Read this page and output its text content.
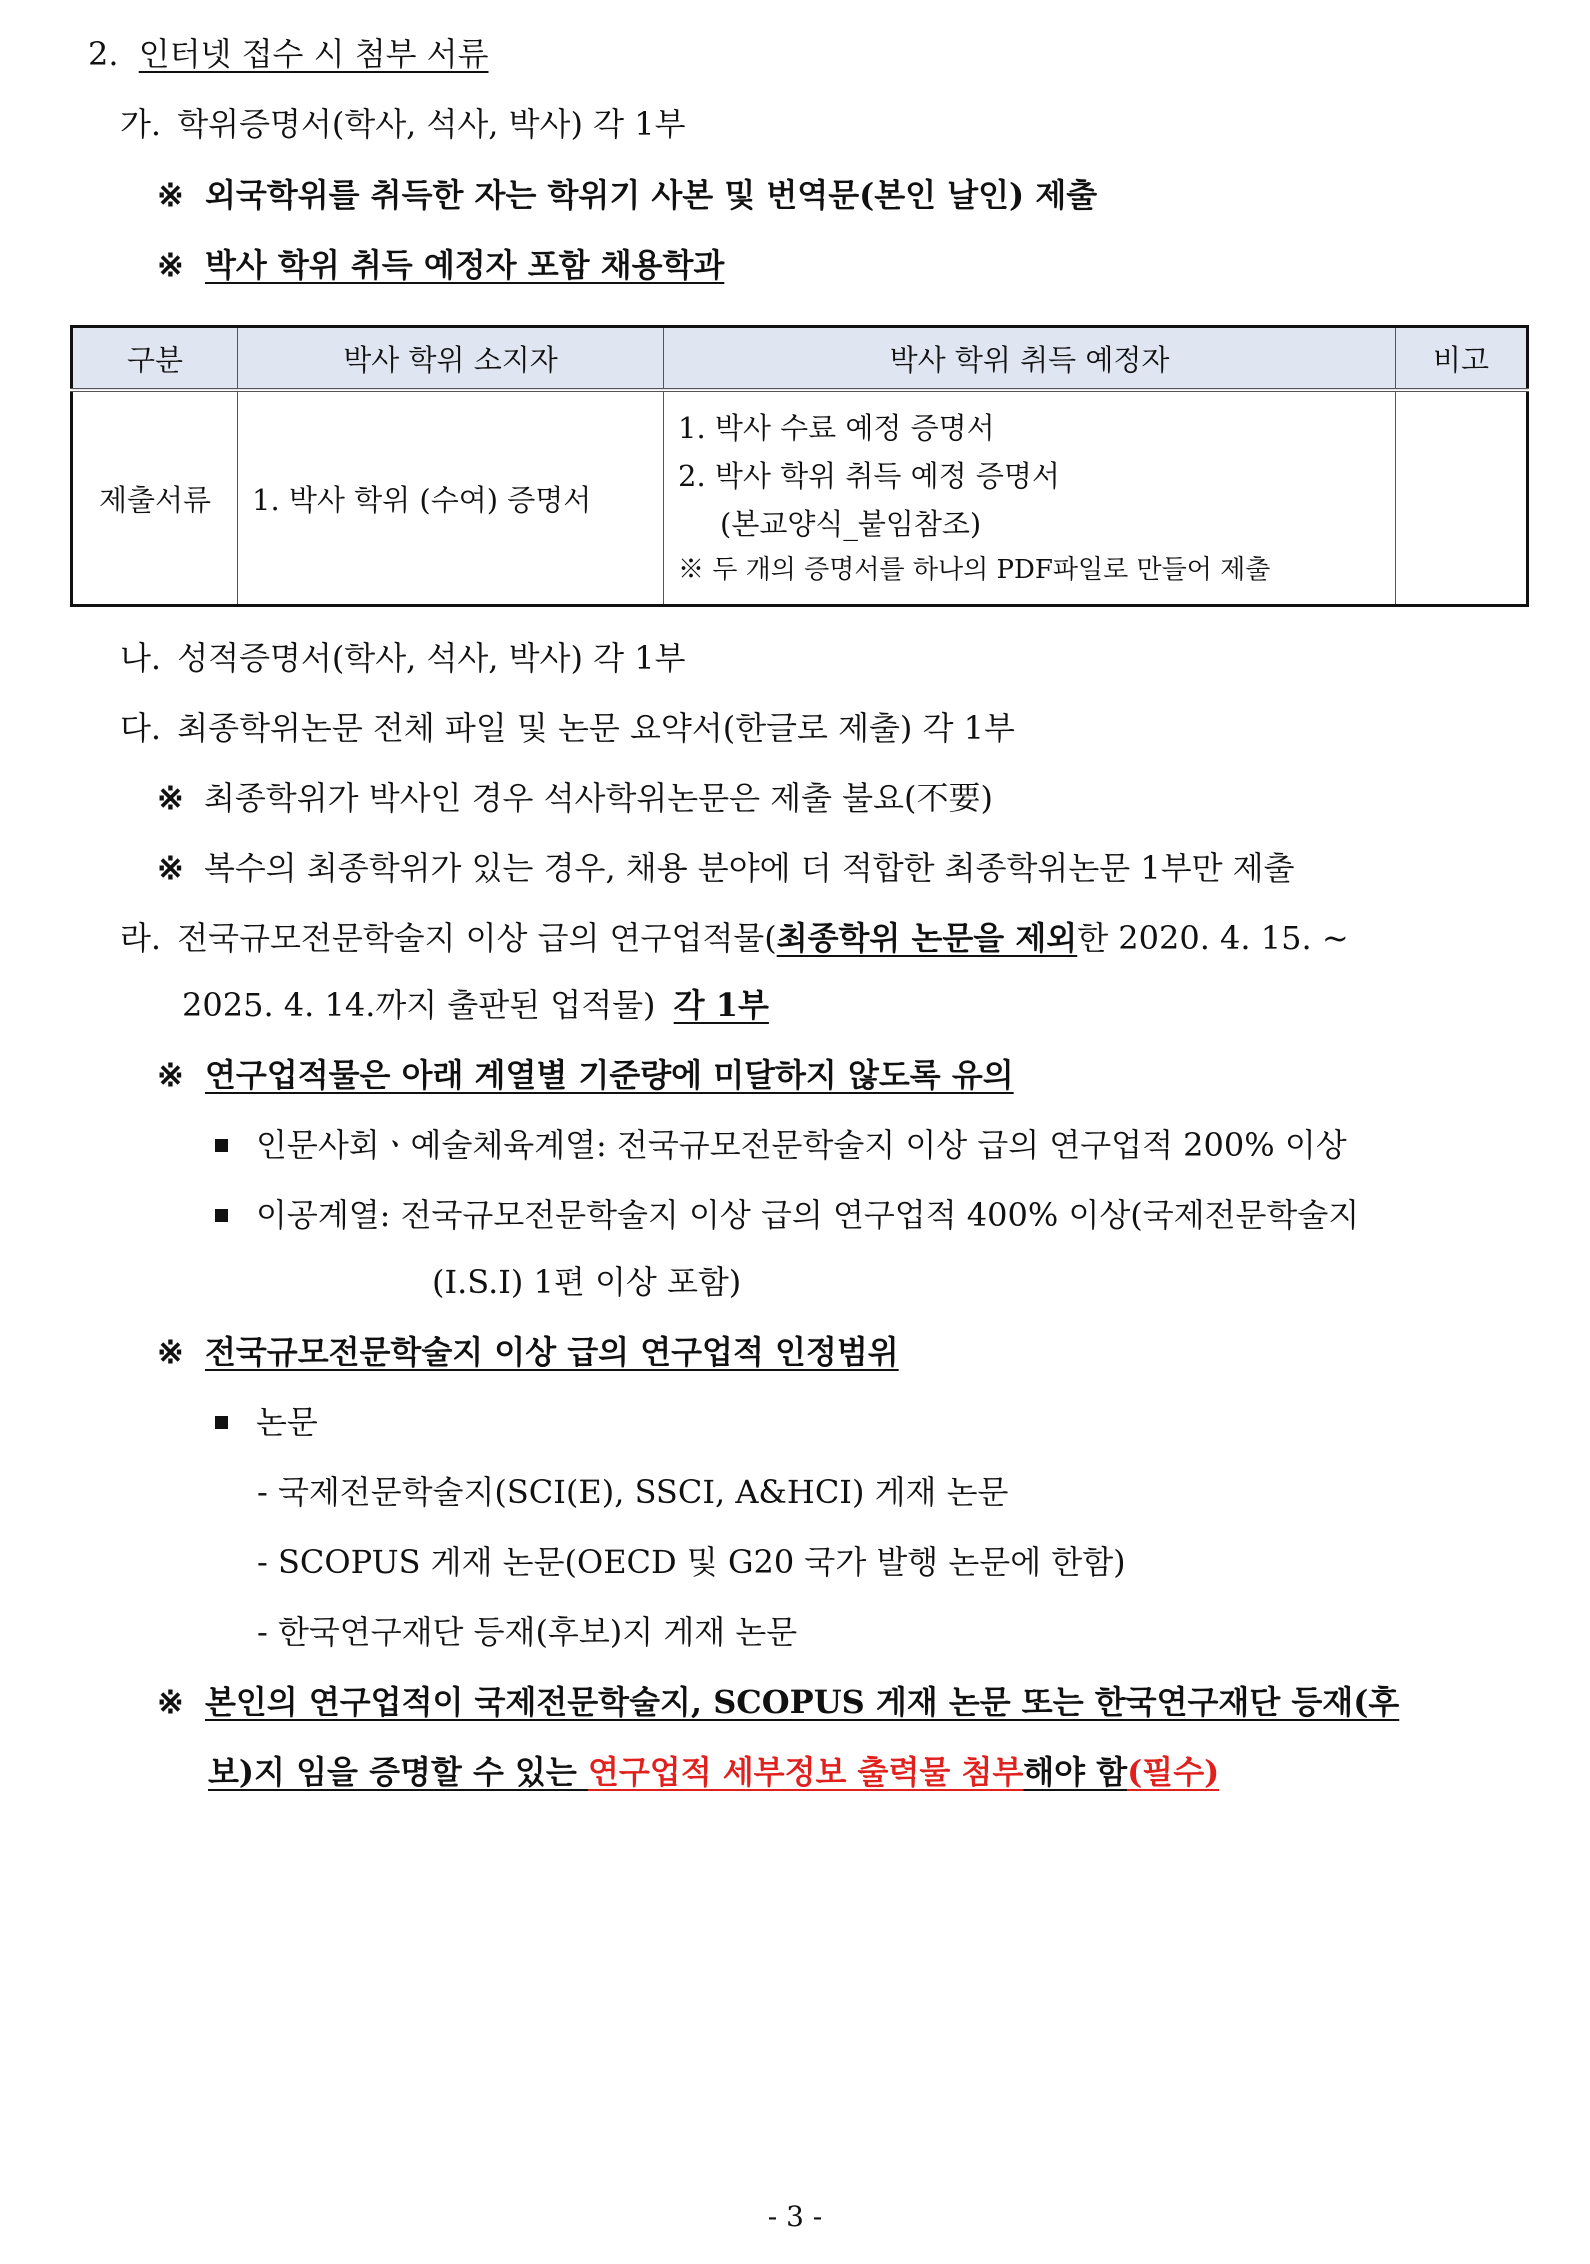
2. 인터넷 접수 시 첨부 서류
가. 학위증명서(학사, 석사, 박사) 각 1부
※ 외국학위를 취득한 자는 학위기 사본 및 번역문(본인 날인) 제출
※ 박사 학위 취득 예정자 포함 채용학과
구분	박사 학위 소지자	박사 학위 취득 예정자	비고
제출서류	1. 박사 학위 (수여) 증명서	1. 박사 수료 예정 증명서
2. 박사 학위 취득 예정 증명서
(본교양식_붙임참조)
※ 두 개의 증명서를 하나의 PDF파일로 만들어 제출	

나. 성적증명서(학사, 석사, 박사) 각 1부
다. 최종학위논문 전체 파일 및 논문 요약서(한글로 제출) 각 1부
※ 최종학위가 박사인 경우 석사학위논문은 제출 불요(不要)
※ 복수의 최종학위가 있는 경우, 채용 분야에 더 적합한 최종학위논문 1부만 제출
라. 전국규모전문학술지 이상 급의 연구업적물(최종학위 논문을 제외한 2020. 4. 15. ~
2025. 4. 14.까지 출판된 업적물) 각 1부
※ 연구업적물은 아래 계열별 기준량에 미달하지 않도록 유의
인문사회ㆍ예술체육계열: 전국규모전문학술지 이상 급의 연구업적 200% 이상
이공계열: 전국규모전문학술지 이상 급의 연구업적 400% 이상(국제전문학술지
(I.S.I) 1편 이상 포함)
※ 전국규모전문학술지 이상 급의 연구업적 인정범위
논문
- 국제전문학술지(SCI(E), SSCI, A&HCI) 게재 논문
- SCOPUS 게재 논문(OECD 및 G20 국가 발행 논문에 한함)
- 한국연구재단 등재(후보)지 게재 논문
※ 본인의 연구업적이 국제전문학술지, SCOPUS 게재 논문 또는 한국연구재단 등재(후
보)지 임을 증명할 수 있는 연구업적 세부정보 출력물 첨부해야 함(필수)
- 3 -
